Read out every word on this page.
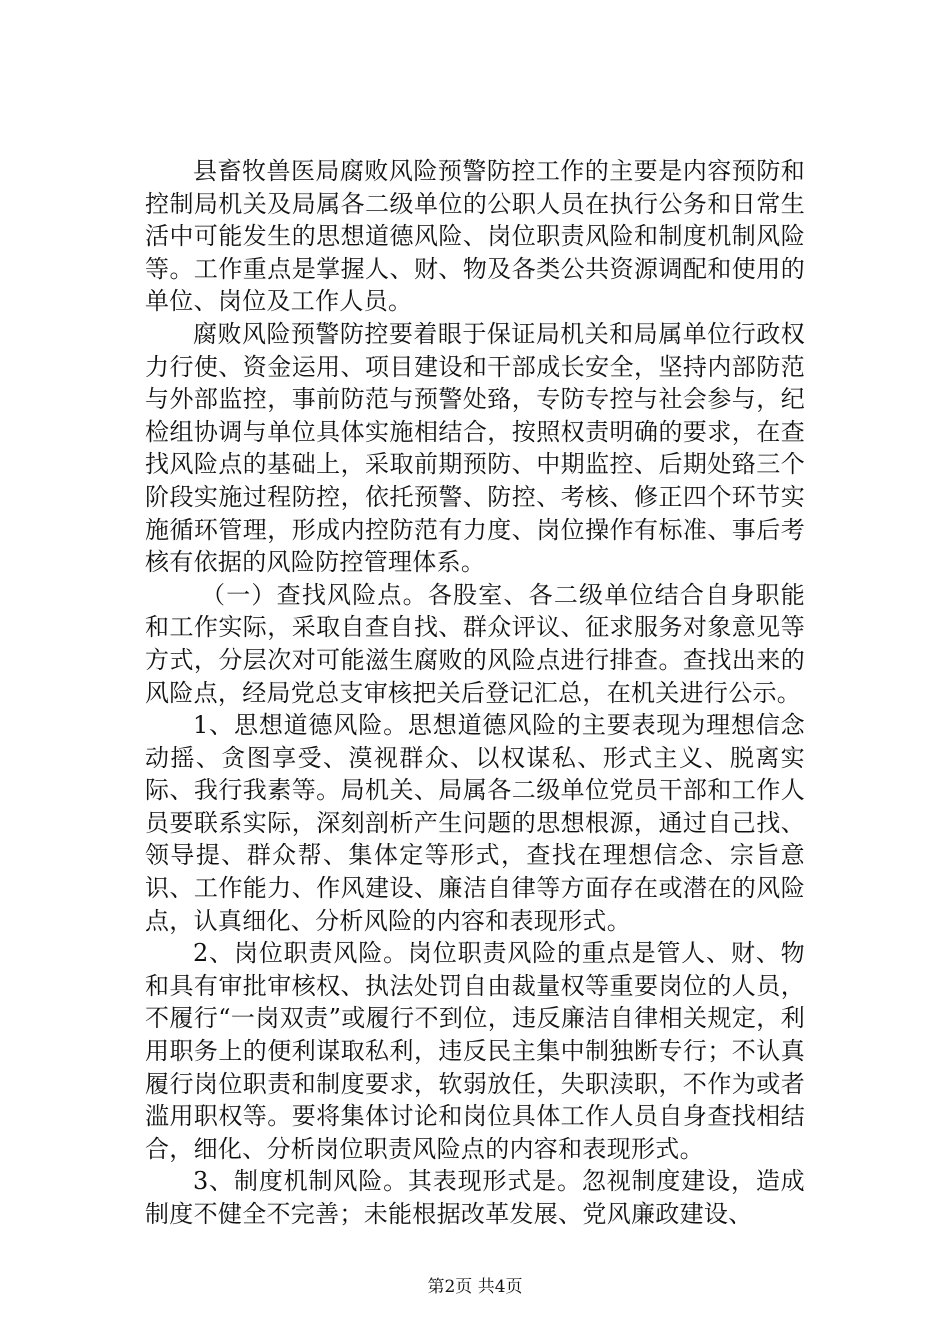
县畜牧兽医局腐败风险预警防控工作的主要是内容预防和控制局机关及局属各二级单位的公职人员在执行公务和日常生活中可能发生的思想道德风险、岗位职责风险和制度机制风险等。工作重点是掌握人、财、物及各类公共资源调配和使用的单位、岗位及工作人员。

腐败风险预警防控要着眼于保证局机关和局属单位行政权力行使、资金运用、项目建设和干部成长安全，坚持内部防范与外部监控，事前防范与预警处臵，专防专控与社会参与，纪检组协调与单位具体实施相结合，按照权责明确的要求，在查找风险点的基础上，采取前期预防、中期监控、后期处臵三个阶段实施过程防控，依托预警、防控、考核、修正四个环节实施循环管理，形成内控防范有力度、岗位操作有标准、事后考核有依据的风险防控管理体系。

（一）查找风险点。各股室、各二级单位结合自身职能和工作实际，采取自查自找、群众评议、征求服务对象意见等方式，分层次对可能滋生腐败的风险点进行排查。查找出来的风险点，经局党总支审核把关后登记汇总，在机关进行公示。

1、思想道德风险。思想道德风险的主要表现为理想信念动摇、贪图享受、漠视群众、以权谋私、形式主义、脱离实际、我行我素等。局机关、局属各二级单位党员干部和工作人员要联系实际，深刻剖析产生问题的思想根源，通过自己找、领导提、群众帮、集体定等形式，查找在理想信念、宗旨意识、工作能力、作风建设、廉洁自律等方面存在或潜在的风险点，认真细化、分析风险的内容和表现形式。

2、岗位职责风险。岗位职责风险的重点是管人、财、物和具有审批审核权、执法处罚自由裁量权等重要岗位的人员，不履行“一岗双责”或履行不到位，违反廉洁自律相关规定，利用职务上的便利谋取私利，违反民主集中制独断专行；不认真履行岗位职责和制度要求，软弱放任，失职渎职，不作为或者滥用职权等。要将集体讨论和岗位具体工作人员自身查找相结合，细化、分析岗位职责风险点的内容和表现形式。

3、制度机制风险。其表现形式是。忽视制度建设，造成制度不健全不完善；未能根据改革发展、党风廉政建设、

第2页 共4页
